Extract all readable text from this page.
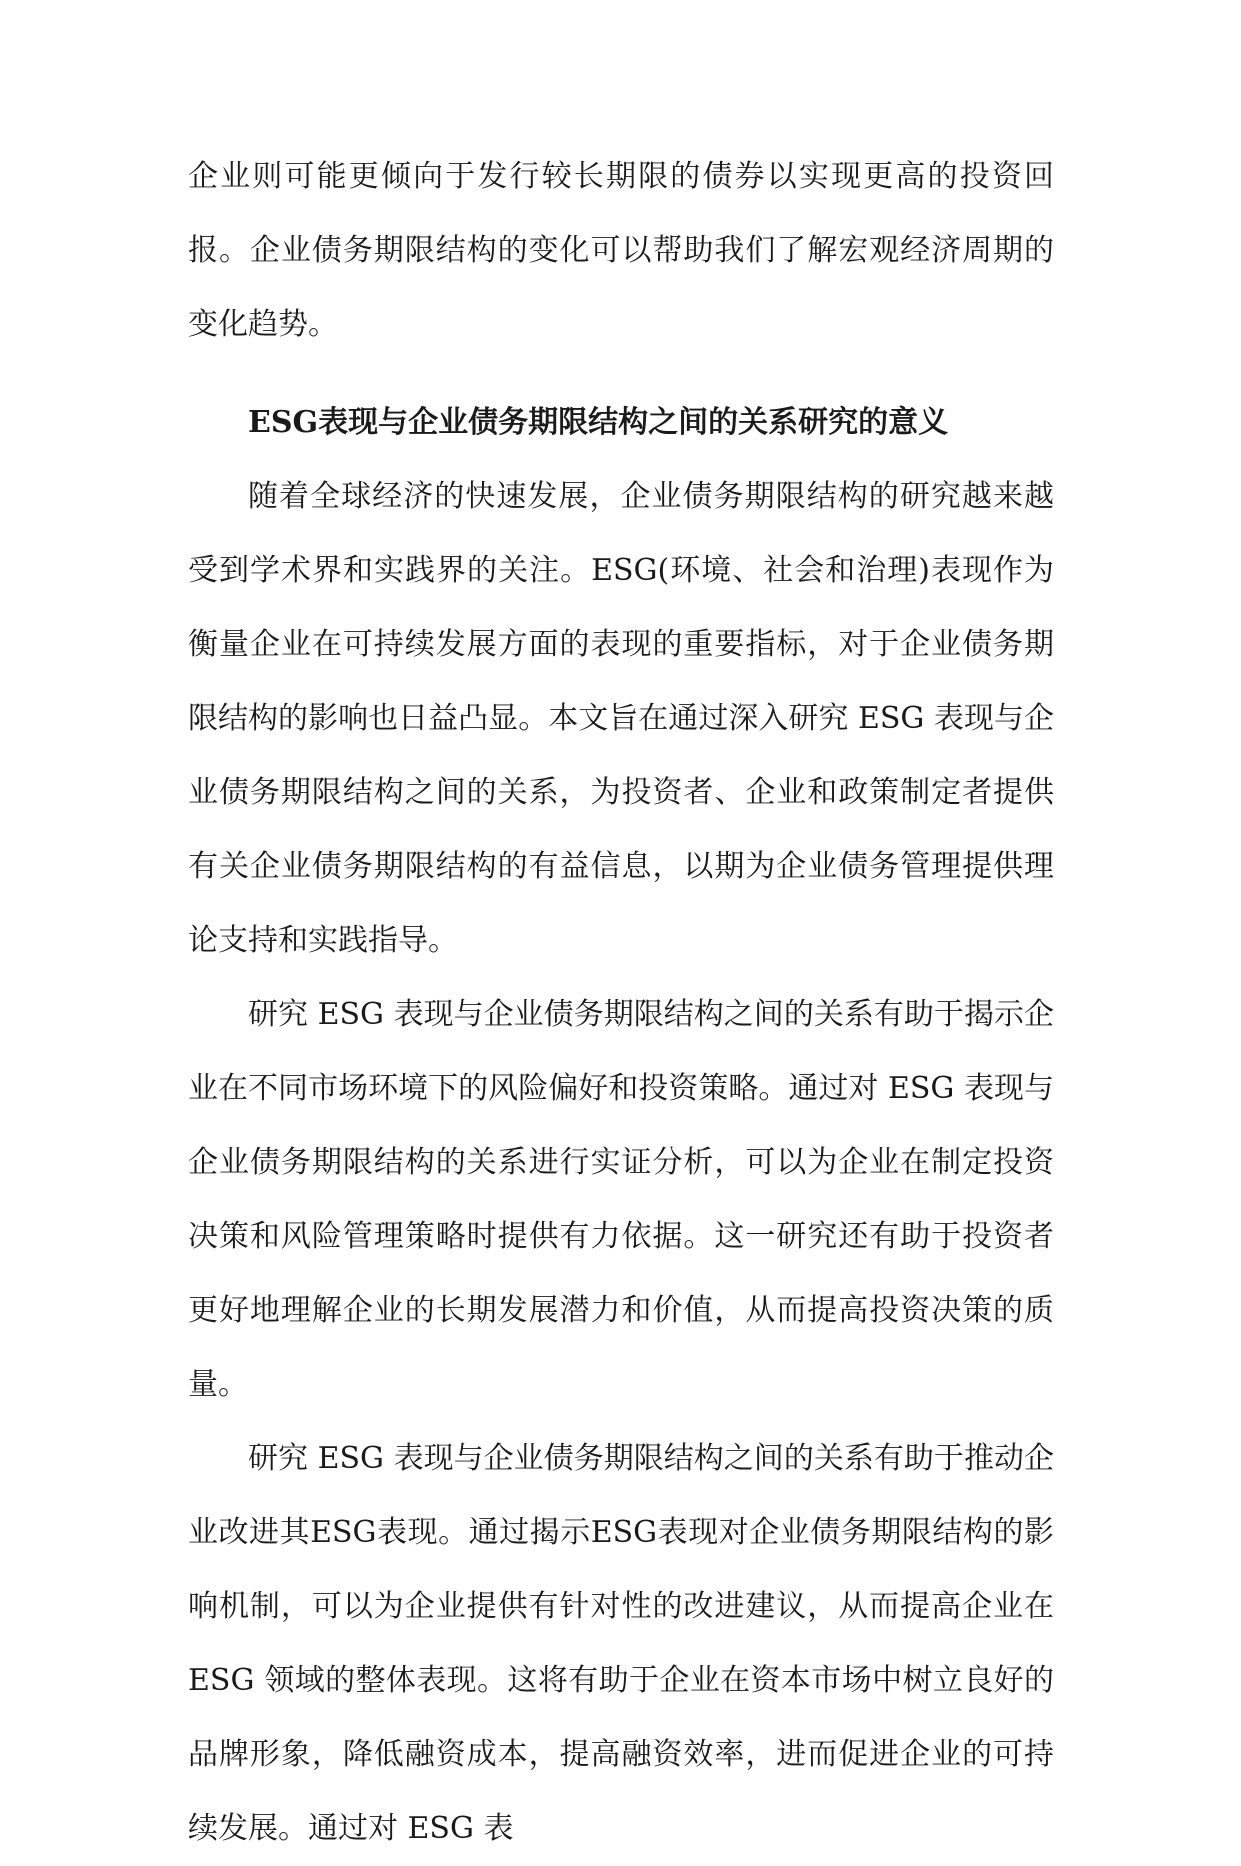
企业则可能更倾向于发行较长期限的债券以实现更高的投资回报。企业债务期限结构的变化可以帮助我们了解宏观经济周期的变化趋势。

ESG表现与企业债务期限结构之间的关系研究的意义

随着全球经济的快速发展，企业债务期限结构的研究越来越受到学术界和实践界的关注。ESG(环境、社会和治理)表现作为衡量企业在可持续发展方面的表现的重要指标，对于企业债务期限结构的影响也日益凸显。本文旨在通过深入研究 ESG 表现与企业债务期限结构之间的关系，为投资者、企业和政策制定者提供有关企业债务期限结构的有益信息，以期为企业债务管理提供理论支持和实践指导。

研究 ESG 表现与企业债务期限结构之间的关系有助于揭示企业在不同市场环境下的风险偏好和投资策略。通过对 ESG 表现与企业债务期限结构的关系进行实证分析，可以为企业在制定投资决策和风险管理策略时提供有力依据。这一研究还有助于投资者更好地理解企业的长期发展潜力和价值，从而提高投资决策的质量。

研究 ESG 表现与企业债务期限结构之间的关系有助于推动企业改进其ESG表现。通过揭示ESG表现对企业债务期限结构的影响机制，可以为企业提供有针对性的改进建议，从而提高企业在 ESG 领域的整体表现。这将有助于企业在资本市场中树立良好的品牌形象，降低融资成本，提高融资效率，进而促进企业的可持续发展。通过对 ESG 表
